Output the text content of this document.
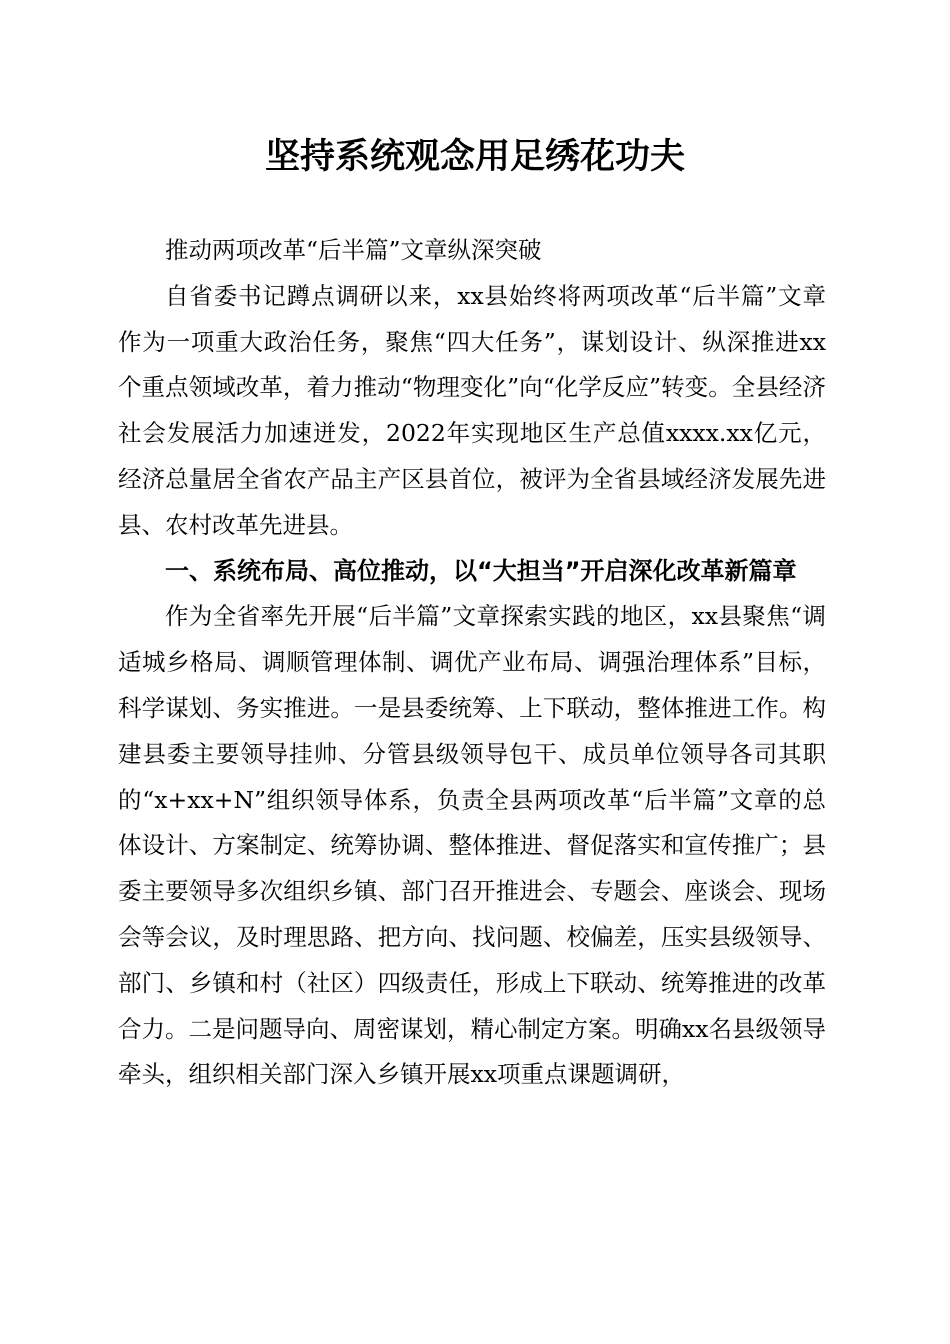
坚持系统观念用足绣花功夫

推动两项改革“后半篇”文章纵深突破

自省委书记蹲点调研以来，xx县始终将两项改革“后半篇”文章作为一项重大政治任务，聚焦“四大任务”，谋划设计、纵深推进xx个重点领域改革，着力推动“物理变化”向“化学反应”转变。全县经济社会发展活力加速迸发，2022年实现地区生产总值xxxx.xx亿元，经济总量居全省农产品主产区县首位，被评为全省县域经济发展先进县、农村改革先进县。

一、系统布局、高位推动，以“大担当”开启深化改革新篇章

作为全省率先开展“后半篇”文章探索实践的地区，xx县聚焦“调适城乡格局、调顺管理体制、调优产业布局、调强治理体系”目标，科学谋划、务实推进。一是县委统筹、上下联动，整体推进工作。构建县委主要领导挂帅、分管县级领导包干、成员单位领导各司其职的“x+xx+N”组织领导体系，负责全县两项改革“后半篇”文章的总体设计、方案制定、统筹协调、整体推进、督促落实和宣传推广；县委主要领导多次组织乡镇、部门召开推进会、专题会、座谈会、现场会等会议，及时理思路、把方向、找问题、校偏差，压实县级领导、部门、乡镇和村（社区）四级责任，形成上下联动、统筹推进的改革合力。二是问题导向、周密谋划，精心制定方案。明确xx名县级领导牵头，组织相关部门深入乡镇开展xx项重点课题调研，
